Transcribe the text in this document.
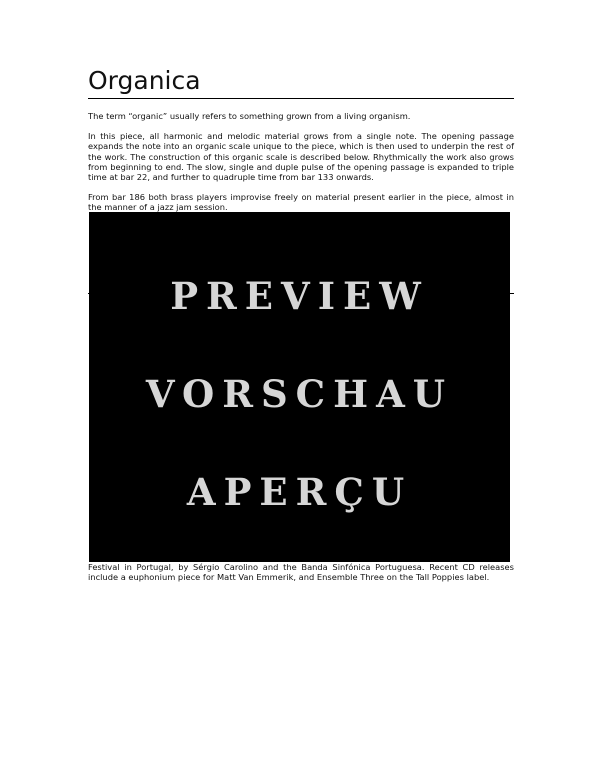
Organica

The term “organic” usually refers to something grown from a living organism.

In this piece, all harmonic and melodic material grows from a single note. The opening passage expands the note into an organic scale unique to the piece, which is then used to underpin the rest of the work. The construction of this organic scale is described below. Rhythmically the work also grows from beginning to end. The slow, single and duple pulse of the opening passage is expanded to triple time at bar 22, and further to quadruple time from bar 133 onwards.

From bar 186 both brass players improvise freely on material present earlier in the piece, almost in the manner of a jazz jam session.

PREVIEW
VORSCHAU
APERÇU
Festival in Portugal, by Sérgio Carolino and the Banda Sinfónica Portuguesa. Recent CD releases include a euphonium piece for Matt Van Emmerik, and Ensemble Three on the Tall Poppies label.
